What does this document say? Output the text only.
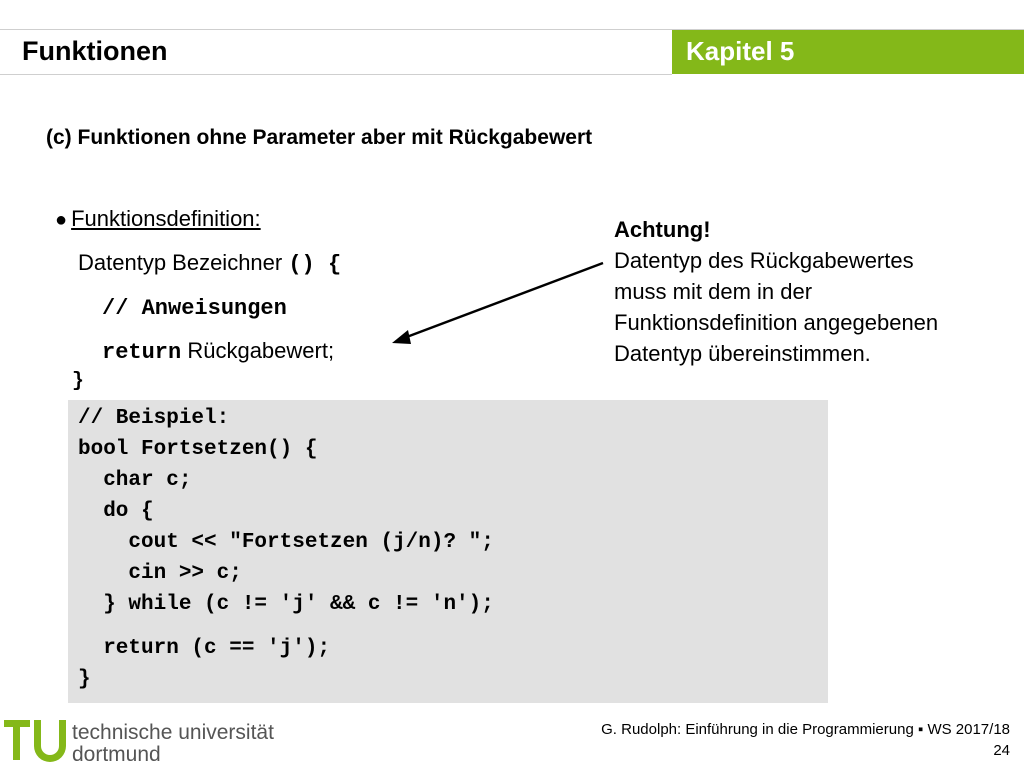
Funktionen	Kapitel 5
(c) Funktionen ohne Parameter aber mit Rückgabewert
● Funktionsdefinition:
Datentyp Bezeichner () {
// Anweisungen
return Rückgabewert;
}
Achtung!
Datentyp des Rückgabewertes
muss mit dem in der
Funktionsdefinition angegebenen
Datentyp übereinstimmen.
// Beispiel:
bool Fortsetzen() {
char c;
do {
cout << "Fortsetzen (j/n)? ";
cin >> c;
} while (c != 'j' && c != 'n');
return (c == 'j');
}
technische universität
dortmund
G. Rudolph: Einführung in die Programmierung ▪ WS 2017/18
24
